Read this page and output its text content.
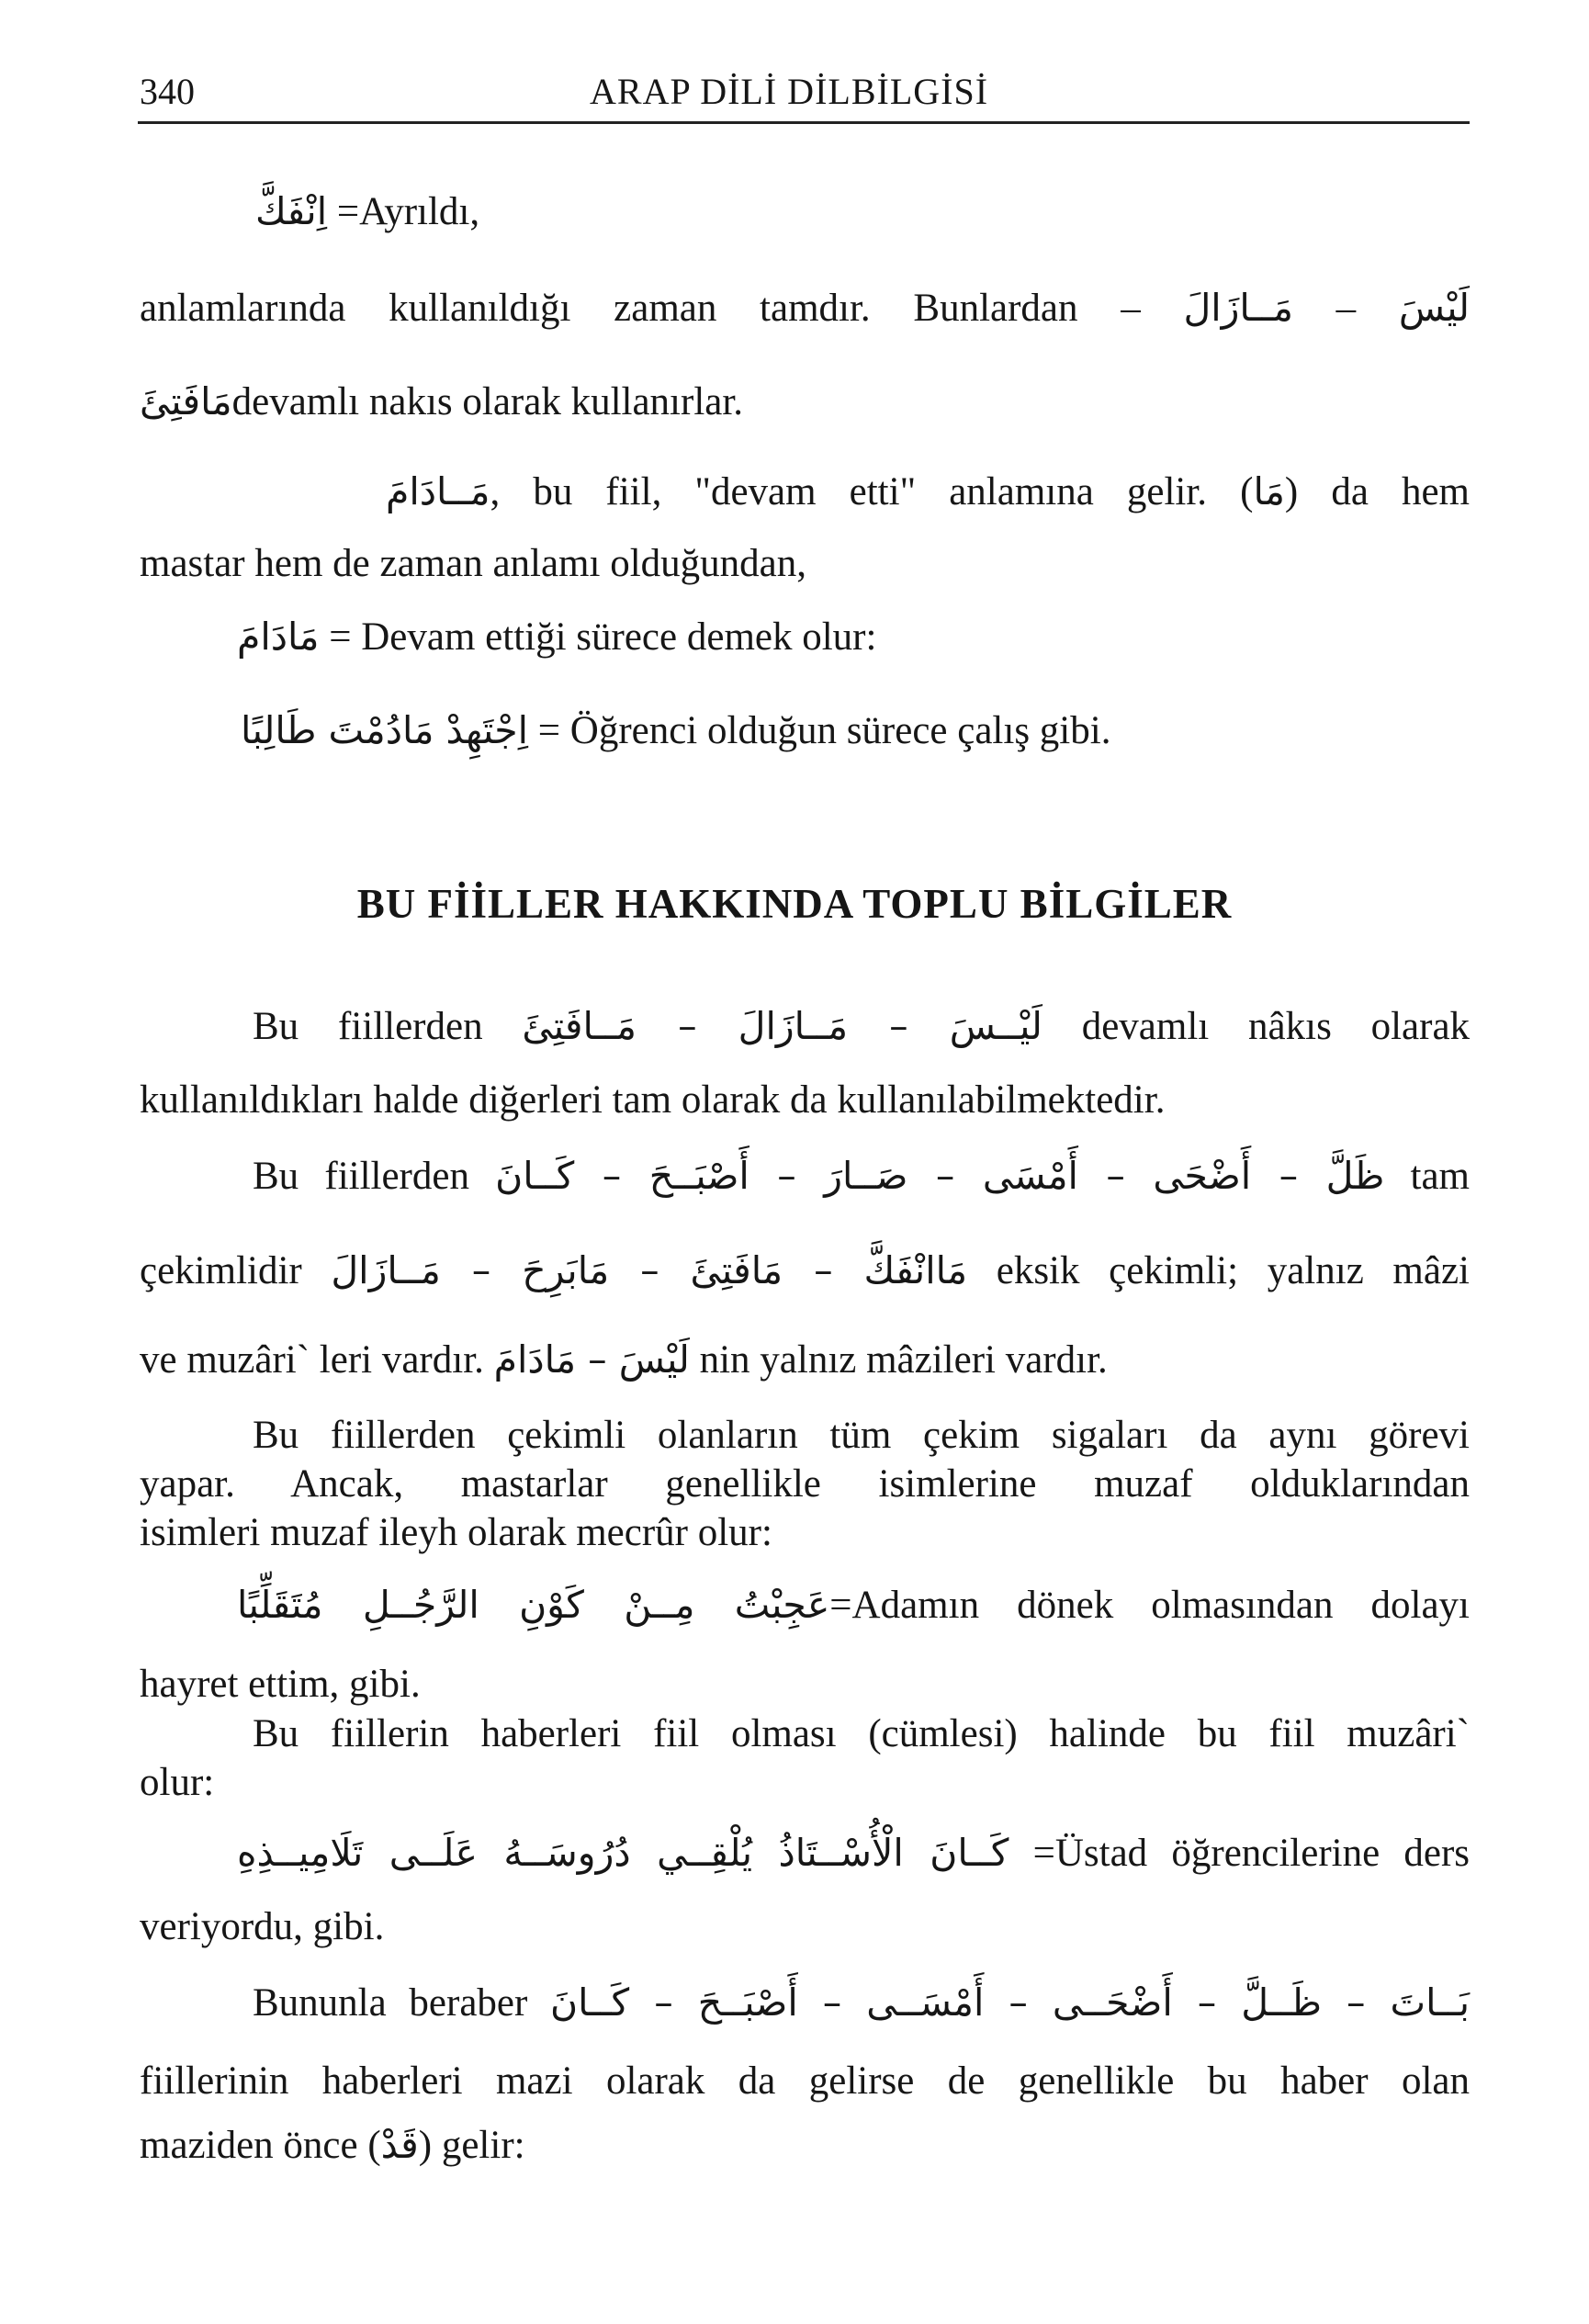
340	ARAP DİLİ DİLBİLGİSİ
اِنْفَكَّ =Ayrıldı,
anlamlarında kullanıldığı zaman tamdır. Bunlardan – مَــازَالَ – لَيْسَ
مَافَتِئَdevamlı nakıs olarak kullanırlar.
مَــادَامَ, bu fiil, "devam etti" anlamına gelir. (مَا) da hem
mastar hem de zaman anlamı olduğundan,
مَادَامَ = Devam ettiği sürece demek olur:
اِجْتَهِدْ مَادُمْتَ طَالِبًا = Öğrenci olduğun sürece çalış gibi.
BU FİİLLER HAKKINDA TOPLU BİLGİLER
Bu fiillerden لَيْــسَ – مَــازَالَ – مَــافَتِئَ devamlı nâkıs olarak
kullanıldıkları halde diğerleri tam olarak da kullanılabilmektedir.
Bu fiillerden ظَلَّ – أَضْحَى – أَمْسَى – صَــارَ – أَصْبَــحَ – كَــانَ tam
çekimlidir مَاانْفَكَّ – مَافَتِئَ – مَابَرِحَ – مَــازَالَ eksik çekimli; yalnız mâzi
ve muzâri` leri vardır. لَيْسَ – مَادَامَ nin yalnız mâzileri vardır.
Bu fiillerden çekimli olanların tüm çekim sigaları da aynı görevi
yapar. Ancak, mastarlar genellikle isimlerine muzaf olduklarından
isimleri muzaf ileyh olarak mecrûr olur:
عَجِبْتُ مِــنْ كَوْنِ الرَّجُــلِ مُتَقَلِّبًا=Adamın dönek olmasından dolayı
hayret ettim, gibi.
Bu fiillerin haberleri fiil olması (cümlesi) halinde bu fiil muzâri`
olur:
كَــانَ الْأُسْــتَاذُ يُلْقِــي دُرُوسَــهُ عَلَــى تَلَامِيــذِهِ =Üstad öğrencilerine ders
veriyordu, gibi.
Bununla beraber بَــاتَ – ظَــلَّ – أَضْحَــى – أَمْسَــى – أَصْبَــحَ – كَــانَ
fiillerinin haberleri mazi olarak da gelirse de genellikle bu haber olan
maziden önce (قَدْ) gelir:
